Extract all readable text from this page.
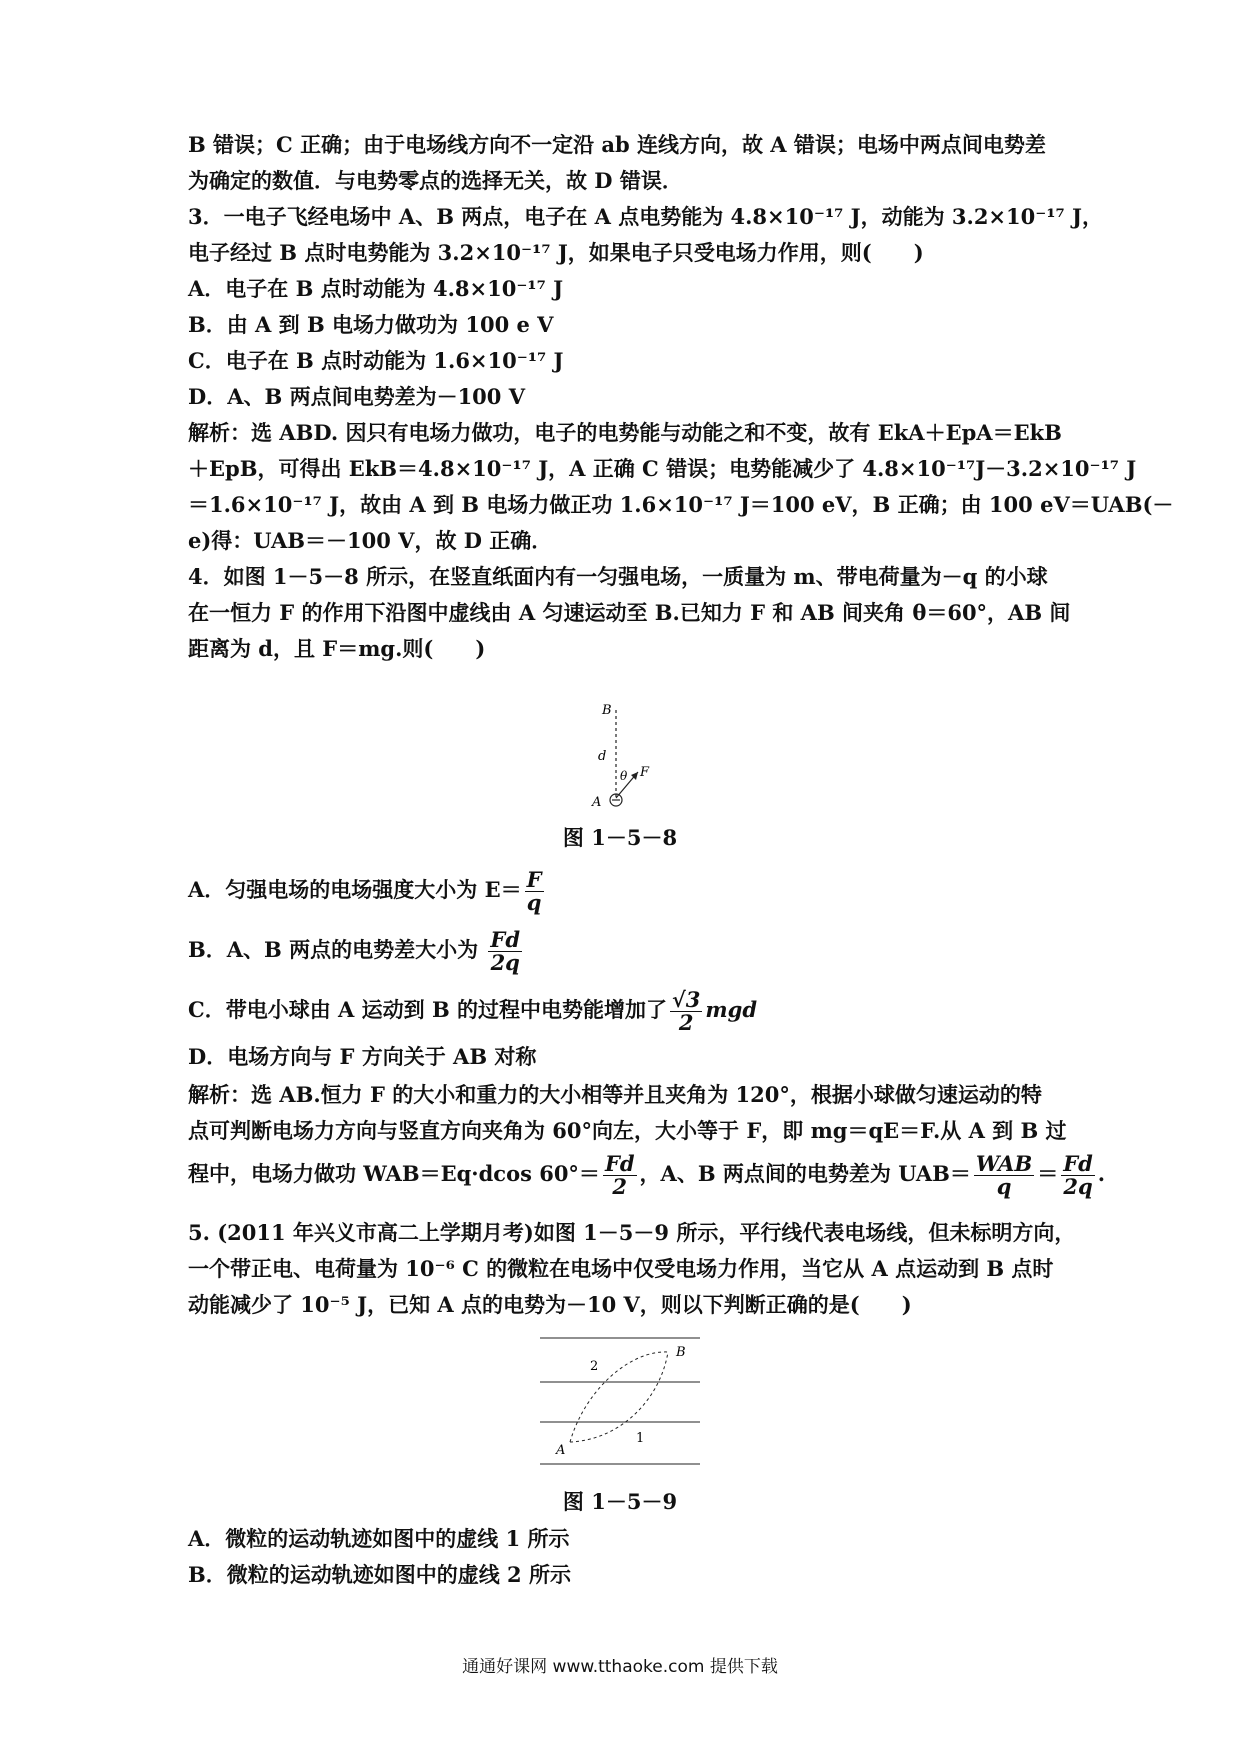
B 错误；C 正确；由于电场线方向不一定沿 ab 连线方向，故 A 错误；电场中两点间电势差
为确定的数值．与电势零点的选择无关，故 D 错误．
3．一电子飞经电场中 A、B 两点，电子在 A 点电势能为 4.8×10⁻¹⁷ J，动能为 3.2×10⁻¹⁷ J，
电子经过 B 点时电势能为 3.2×10⁻¹⁷ J，如果电子只受电场力作用，则(　　)
A．电子在 B 点时动能为 4.8×10⁻¹⁷ J
B．由 A 到 B 电场力做功为 100 e V
C．电子在 B 点时动能为 1.6×10⁻¹⁷ J
D．A、B 两点间电势差为－100 V
解析：选 ABD. 因只有电场力做功，电子的电势能与动能之和不变，故有 EkA＋EpA＝EkB
＋EpB，可得出 EkB＝4.8×10⁻¹⁷ J，A 正确 C 错误；电势能减少了 4.8×10⁻¹⁷J－3.2×10⁻¹⁷ J
＝1.6×10⁻¹⁷ J，故由 A 到 B 电场力做正功 1.6×10⁻¹⁷ J＝100 eV，B 正确；由 100 eV＝UAB(－
e)得：UAB＝－100 V，故 D 正确．
4．如图 1－5－8 所示，在竖直纸面内有一匀强电场，一质量为 m、带电荷量为－q 的小球
在一恒力 F 的作用下沿图中虚线由 A 匀速运动至 B.已知力 F 和 AB 间夹角 θ＝60°，AB 间
距离为 d，且 F＝mg.则(　　)
B
d
θ F
A
图 1－5－8
A．匀强电场的电场强度大小为 $E= \frac{F}{q}$
B．A、B 两点的电势差大小为 $\frac{Fd}{2q}$
C．带电小球由 A 运动到 B 的过程中电势能增加了 $\frac{√3}{2}$ mgd
D．电场方向与 F 方向关于 AB 对称
解析：选 AB.恒力 F 的大小和重力的大小相等并且夹角为 120°，根据小球做匀速运动的特
点可判断电场力方向与竖直方向夹角为 60°向左，大小等于 F，即 mg＝qE＝F.从 A 到 B 过
程中，电场力做功 WAB＝Eq·dcos $60^\circ= \frac{Fd}{2}$ ，A、B 两点间的电势差为 $UAB= \frac{\text{WAB}}{q} = \frac{Fd}{2q}$ .
5. (2011 年兴义市高二上学期月考)如图 1－5－9 所示，平行线代表电场线，但未标明方向，
一个带正电、电荷量为 10⁻⁶ C 的微粒在电场中仅受电场力作用，当它从 A 点运动到 B 点时
动能减少了 10⁻⁵ J，已知 A 点的电势为－10 V，则以下判断正确的是(　　)
2
B
1
A
图 1－5－9
A．微粒的运动轨迹如图中的虚线 1 所示
B．微粒的运动轨迹如图中的虚线 2 所示
通通好课网 www.tthaoke.com 提供下载
